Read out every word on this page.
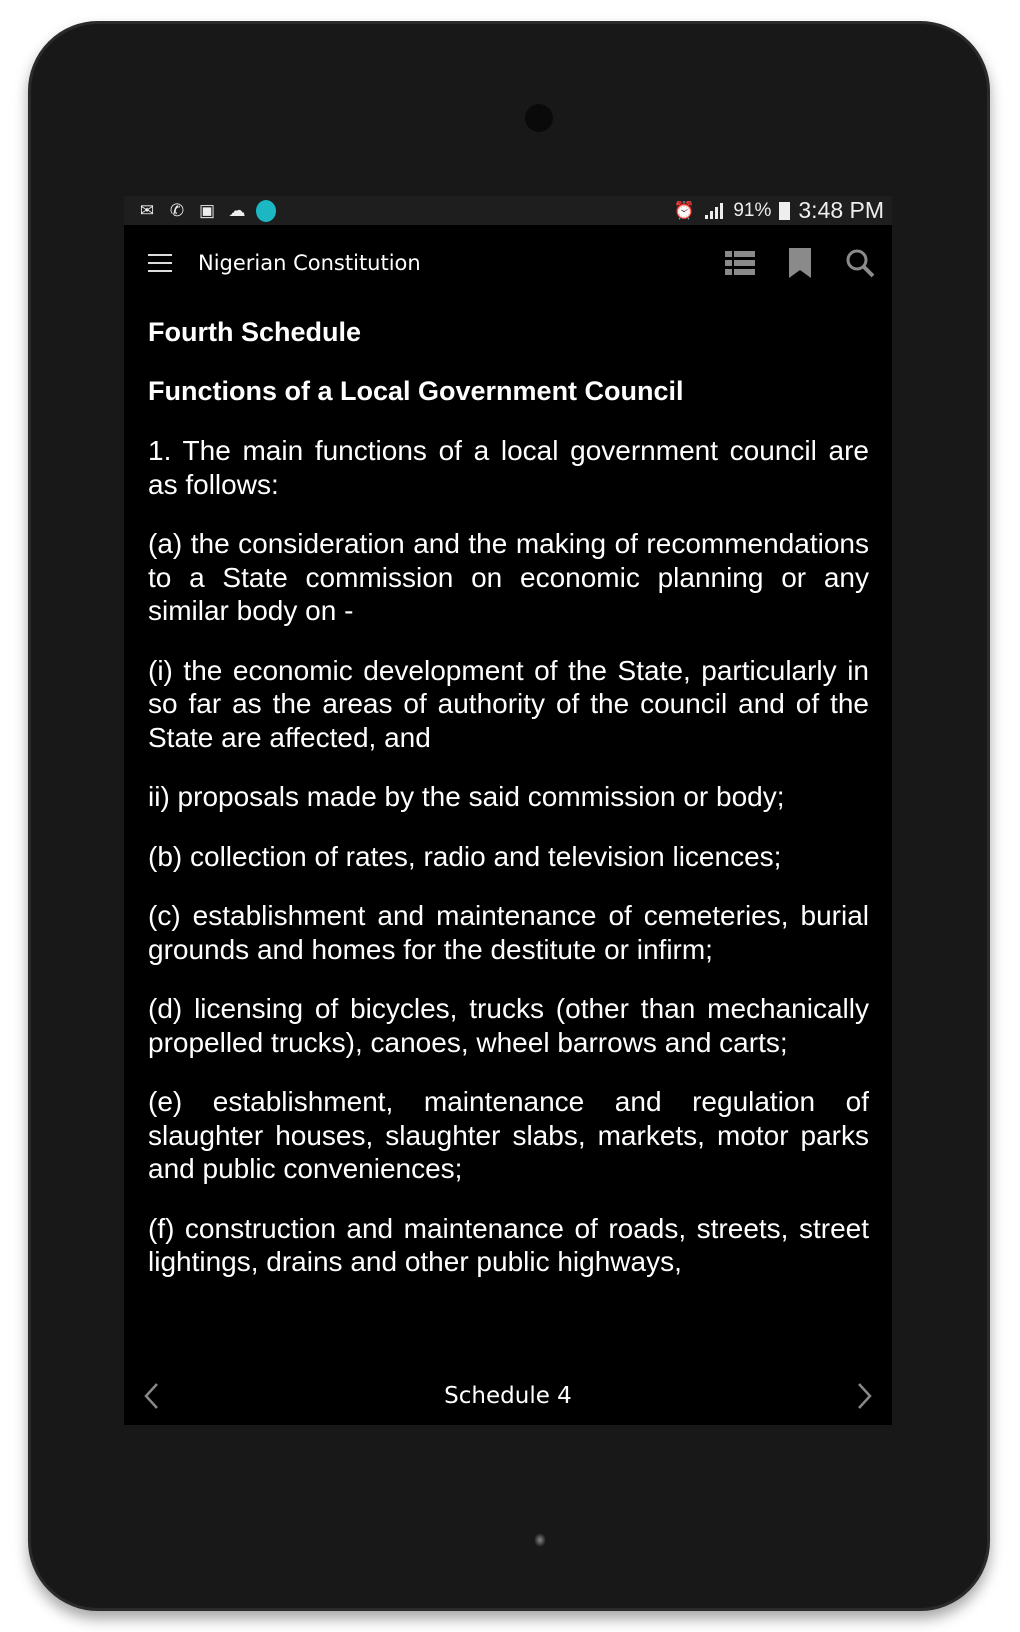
✉ ✆ ▣ ☁	⏰ 91% 3:48 PM
Nigerian Constitution
Fourth Schedule
Functions of a Local Government Council

1. The main functions of a local government council are as follows:

(a) the consideration and the making of recommendations to a State commission on economic planning or any similar body on -

(i) the economic development of the State, particularly in so far as the areas of authority of the council and of the State are affected, and

ii) proposals made by the said commission or body;

(b) collection of rates, radio and television licences;

(c) establishment and maintenance of cemeteries, burial grounds and homes for the destitute or infirm;

(d) licensing of bicycles, trucks (other than mechanically propelled trucks), canoes, wheel barrows and carts;

(e) establishment, maintenance and regulation of slaughter houses, slaughter slabs, markets, motor parks and public conveniences;

(f) construction and maintenance of roads, streets, street lightings, drains and other public highways,

Schedule 4
